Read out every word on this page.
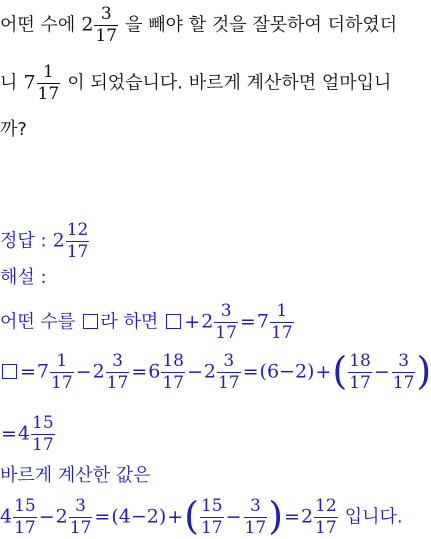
어떤 수에 $2 \frac{3}{17}$ 을 빼야 할 것을 잘못하여 더하였더
니 $7 \frac{1}{17}$ 이 되었습니다. 바르게 계산하면 얼마입니
까?
정답 : $2 \frac{12}{17}$
해설 :
어떤 수를 라 하면 $+2 \frac{3}{17} =7 \frac{1}{17}$
$=7 \frac{1}{17} -2 \frac{3}{17} =6 \frac{18}{17} -2 \frac{3}{17} =(6-2)+( \frac{18}{17} - \frac{3}{17}$ )
$=4 \frac{15}{17}$
바르게 계산한 값은
$4 \frac{15}{17} -2 \frac{3}{17} =(4-2)+( \frac{15}{17} - \frac{3}{17} )=2 \frac{12}{17}$ 입니다.
